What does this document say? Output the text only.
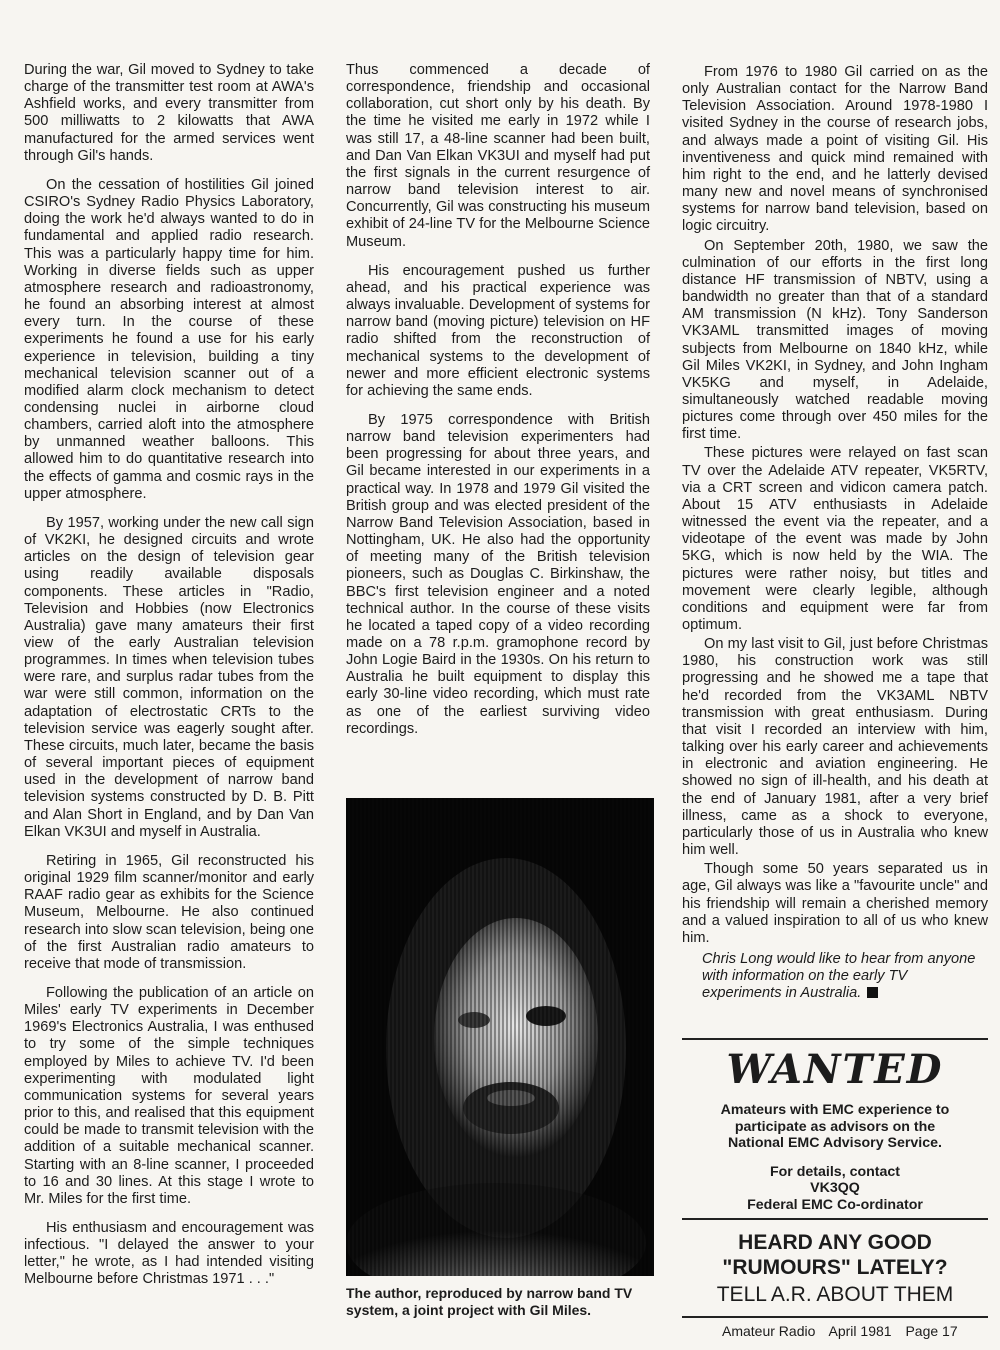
During the war, Gil moved to Sydney to take charge of the transmitter test room at AWA's Ashfield works, and every transmitter from 500 milliwatts to 2 kilowatts that AWA manufactured for the armed services went through Gil's hands.

On the cessation of hostilities Gil joined CSIRO's Sydney Radio Physics Laboratory, doing the work he'd always wanted to do in fundamental and applied radio research. This was a particularly happy time for him. Working in diverse fields such as upper atmosphere research and radioastronomy, he found an absorbing interest at almost every turn. In the course of these experiments he found a use for his early experience in television, building a tiny mechanical television scanner out of a modified alarm clock mechanism to detect condensing nuclei in airborne cloud chambers, carried aloft into the atmosphere by unmanned weather balloons. This allowed him to do quantitative research into the effects of gamma and cosmic rays in the upper atmosphere.

By 1957, working under the new call sign of VK2KI, he designed circuits and wrote articles on the design of television gear using readily available disposals components. These articles in "Radio, Television and Hobbies (now Electronics Australia) gave many amateurs their first view of the early Australian television programmes. In times when television tubes were rare, and surplus radar tubes from the war were still common, information on the adaptation of electrostatic CRTs to the television service was eagerly sought after. These circuits, much later, became the basis of several important pieces of equipment used in the development of narrow band television systems constructed by D. B. Pitt and Alan Short in England, and by Dan Van Elkan VK3UI and myself in Australia.

Retiring in 1965, Gil reconstructed his original 1929 film scanner/monitor and early RAAF radio gear as exhibits for the Science Museum, Melbourne. He also continued research into slow scan television, being one of the first Australian radio amateurs to receive that mode of transmission.

Following the publication of an article on Miles' early TV experiments in December 1969's Electronics Australia, I was enthused to try some of the simple techniques employed by Miles to achieve TV. I'd been experimenting with modulated light communication systems for several years prior to this, and realised that this equipment could be made to transmit television with the addition of a suitable mechanical scanner. Starting with an 8-line scanner, I proceeded to 16 and 30 lines. At this stage I wrote to Mr. Miles for the first time.

His enthusiasm and encouragement was infectious. "I delayed the answer to your letter," he wrote, as I had intended visiting Melbourne before Christmas 1971 . . ."

Thus commenced a decade of correspondence, friendship and occasional collaboration, cut short only by his death. By the time he visited me early in 1972 while I was still 17, a 48-line scanner had been built, and Dan Van Elkan VK3UI and myself had put the first signals in the current resurgence of narrow band television interest to air. Concurrently, Gil was constructing his museum exhibit of 24-line TV for the Melbourne Science Museum.

His encouragement pushed us further ahead, and his practical experience was always invaluable. Development of systems for narrow band (moving picture) television on HF radio shifted from the reconstruction of mechanical systems to the development of newer and more efficient electronic systems for achieving the same ends.

By 1975 correspondence with British narrow band television experimenters had been progressing for about three years, and Gil became interested in our experiments in a practical way. In 1978 and 1979 Gil visited the British group and was elected president of the Narrow Band Television Association, based in Nottingham, UK. He also had the opportunity of meeting many of the British television pioneers, such as Douglas C. Birkinshaw, the BBC's first television engineer and a noted technical author. In the course of these visits he located a taped copy of a video recording made on a 78 r.p.m. gramophone record by John Logie Baird in the 1930s. On his return to Australia he built equipment to display this early 30-line video recording, which must rate as one of the earliest surviving video recordings.

The author, reproduced by narrow band TV system, a joint project with Gil Miles.

From 1976 to 1980 Gil carried on as the only Australian contact for the Narrow Band Television Association. Around 1978-1980 I visited Sydney in the course of research jobs, and always made a point of visiting Gil. His inventiveness and quick mind remained with him right to the end, and he latterly devised many new and novel means of synchronised systems for narrow band television, based on logic circuitry.

On September 20th, 1980, we saw the culmination of our efforts in the first long distance HF transmission of NBTV, using a bandwidth no greater than that of a standard AM transmission (N kHz). Tony Sanderson VK3AML transmitted images of moving subjects from Melbourne on 1840 kHz, while Gil Miles VK2KI, in Sydney, and John Ingham VK5KG and myself, in Adelaide, simultaneously watched readable moving pictures come through over 450 miles for the first time.

These pictures were relayed on fast scan TV over the Adelaide ATV repeater, VK5RTV, via a CRT screen and vidicon camera patch. About 15 ATV enthusiasts in Adelaide witnessed the event via the repeater, and a videotape of the event was made by John 5KG, which is now held by the WIA. The pictures were rather noisy, but titles and movement were clearly legible, although conditions and equipment were far from optimum.

On my last visit to Gil, just before Christmas 1980, his construction work was still progressing and he showed me a tape that he'd recorded from the VK3AML NBTV transmission with great enthusiasm. During that visit I recorded an interview with him, talking over his early career and achievements in electronic and aviation engineering. He showed no sign of ill-health, and his death at the end of January 1981, after a very brief illness, came as a shock to everyone, particularly those of us in Australia who knew him well.

Though some 50 years separated us in age, Gil always was like a "favourite uncle" and his friendship will remain a cherished memory and a valued inspiration to all of us who knew him.

Chris Long would like to hear from anyone with information on the early TV experiments in Australia.

WANTED
Amateurs with EMC experience to
participate as advisors on the
National EMC Advisory Service.
For details, contact
VK3QQ
Federal EMC Co-ordinator
HEARD ANY GOOD
"RUMOURS" LATELY?
TELL A.R. ABOUT THEM
Amateur Radio April 1981 Page 17
